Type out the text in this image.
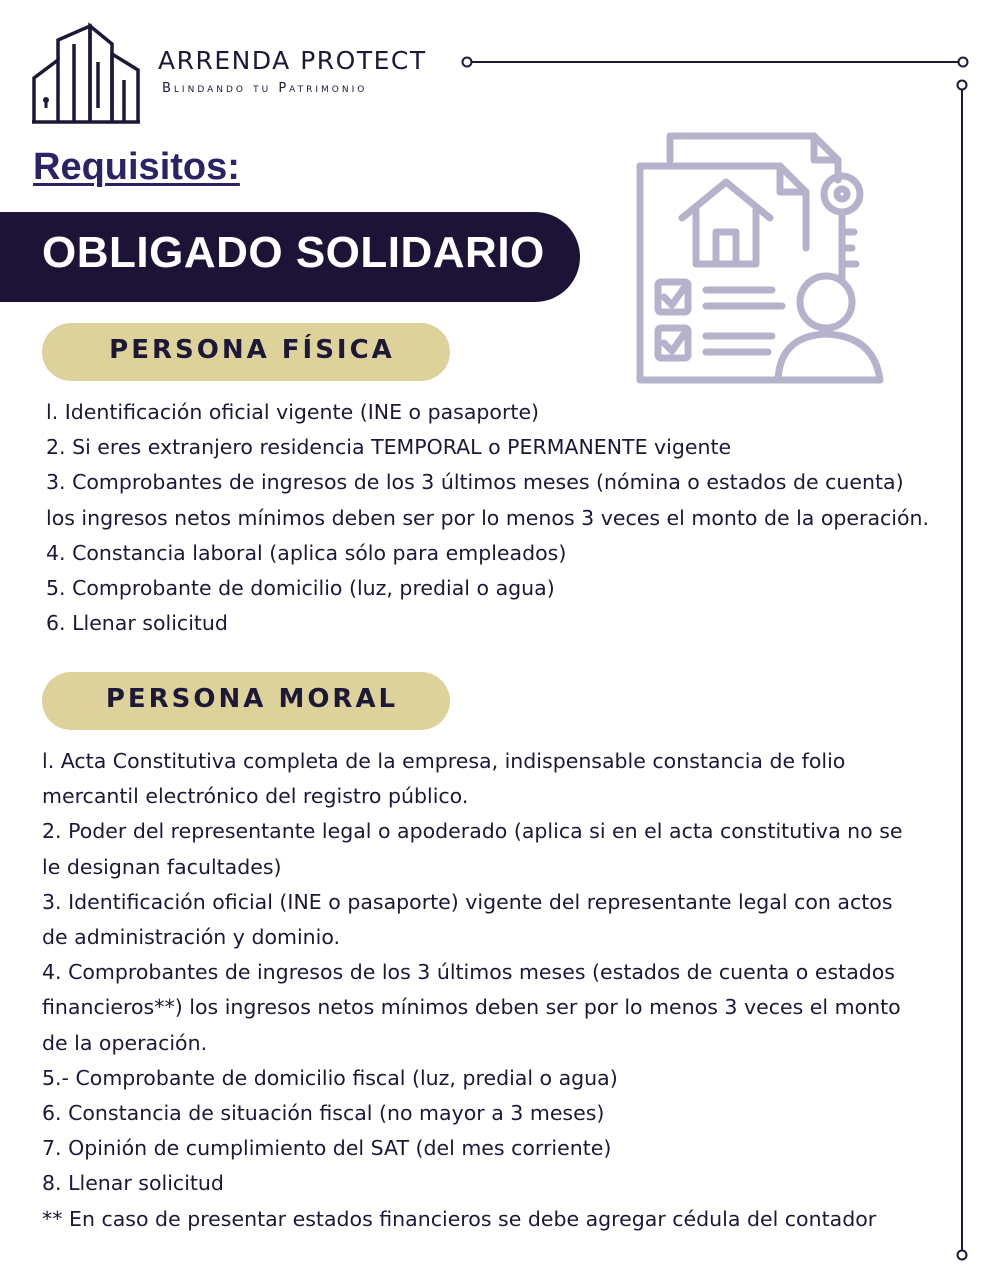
ARRENDA PROTECT
Blindando tu Patrimonio
Requisitos:
OBLIGADO SOLIDARIO
PERSONA FÍSICA
l. Identificación oficial vigente (INE o pasaporte)
2. Si eres extranjero residencia TEMPORAL o PERMANENTE vigente
3. Comprobantes de ingresos de los 3 últimos meses (nómina o estados de cuenta)
los ingresos netos mínimos deben ser por lo menos 3 veces el monto de la operación.
4. Constancia laboral (aplica sólo para empleados)
5. Comprobante de domicilio (luz, predial o agua)
6. Llenar solicitud
PERSONA MORAL
l. Acta Constitutiva completa de la empresa, indispensable constancia de folio
mercantil electrónico del registro público.
2. Poder del representante legal o apoderado (aplica si en el acta constitutiva no se
le designan facultades)
3. Identificación oficial (INE o pasaporte) vigente del representante legal con actos
de administración y dominio.
4. Comprobantes de ingresos de los 3 últimos meses (estados de cuenta o estados
financieros**) los ingresos netos mínimos deben ser por lo menos 3 veces el monto
de la operación.
5.- Comprobante de domicilio fiscal (luz, predial o agua)
6. Constancia de situación fiscal (no mayor a 3 meses)
7. Opinión de cumplimiento del SAT (del mes corriente)
8. Llenar solicitud
** En caso de presentar estados financieros se debe agregar cédula del contador
